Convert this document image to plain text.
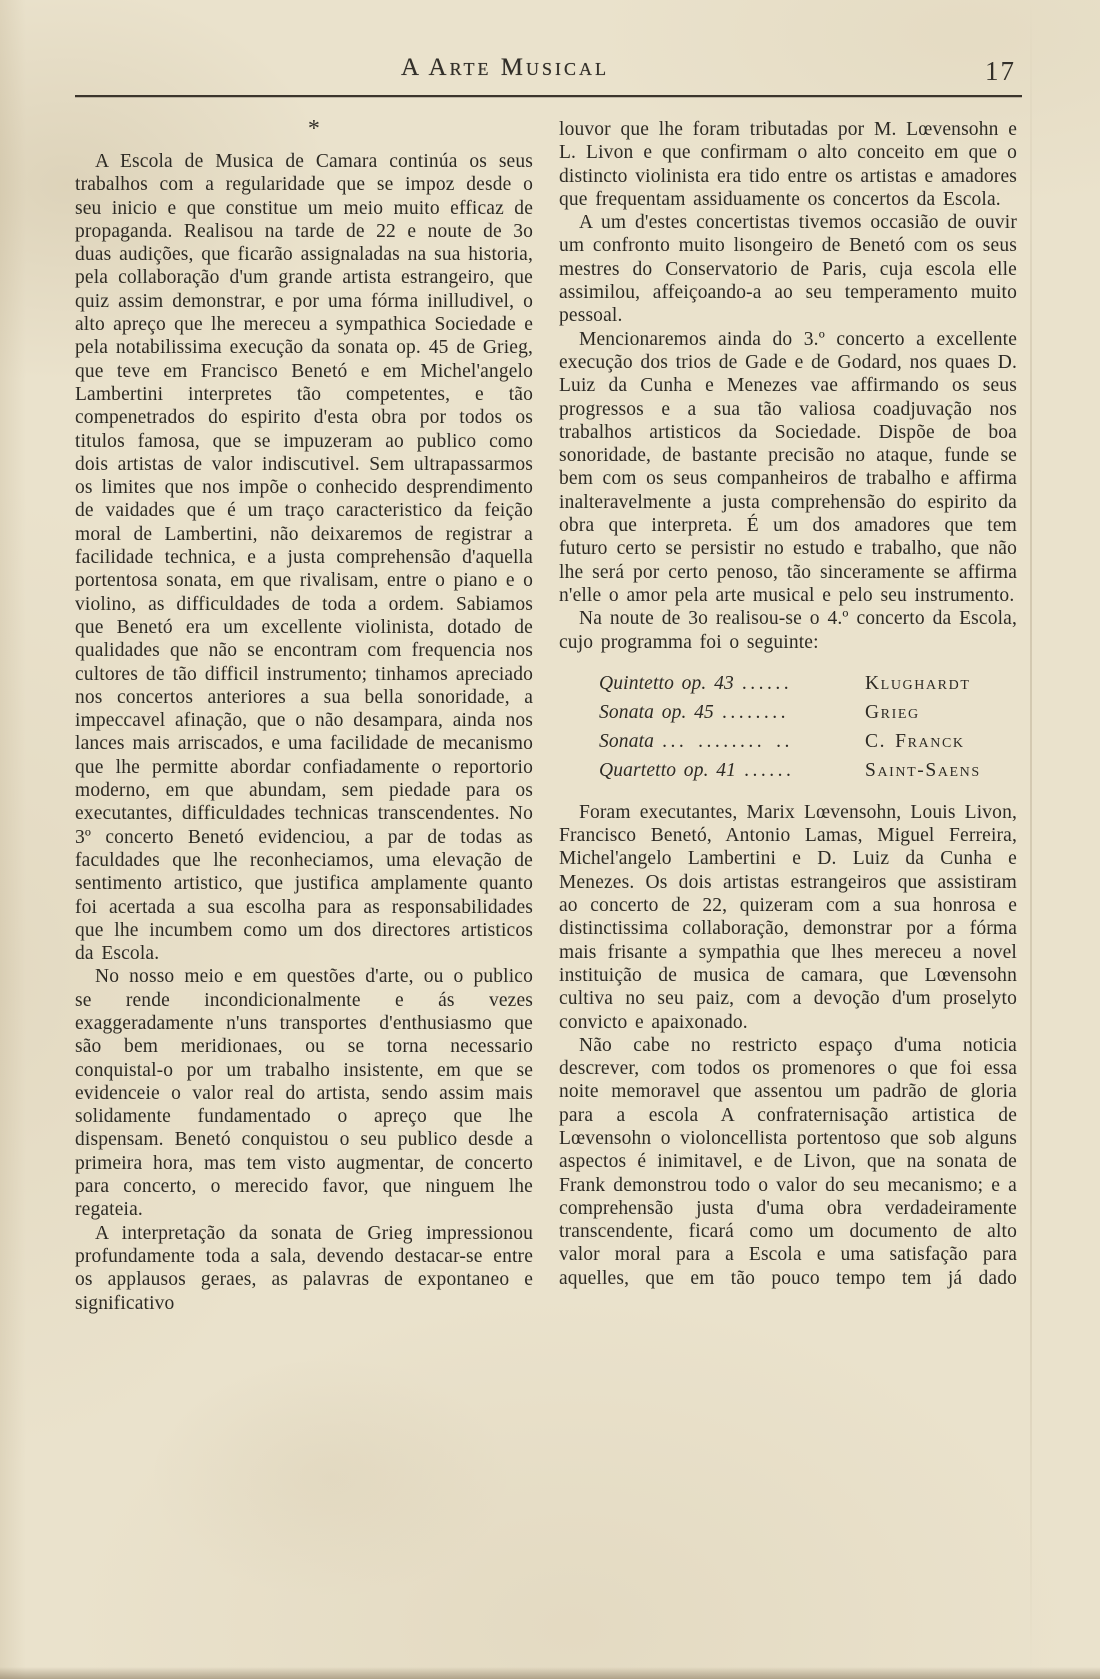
A Arte Musical	17

*

A Escola de Musica de Camara continúa os seus trabalhos com a regularidade que se impoz desde o seu inicio e que constitue um meio muito efficaz de propaganda. Realisou na tarde de 22 e noute de 3o duas audições, que ficarão assignaladas na sua historia, pela collaboração d'um grande artista estrangeiro, que quiz assim demonstrar, e por uma fórma inilludivel, o alto apreço que lhe mereceu a sympathica Sociedade e pela notabilissima execução da sonata op. 45 de Grieg, que teve em Francisco Benetó e em Michel'angelo Lambertini interpretes tão competentes, e tão compenetrados do espirito d'esta obra por todos os titulos famosa, que se impuzeram ao publico como dois artistas de valor indiscutivel. Sem ultrapassarmos os limites que nos impõe o conhecido desprendimento de vaidades que é um traço caracteristico da feição moral de Lambertini, não deixaremos de registrar a facilidade technica, e a justa comprehensão d'aquella portentosa sonata, em que rivalisam, entre o piano e o violino, as difficuldades de toda a ordem. Sabiamos que Benetó era um excellente violinista, dotado de qualidades que não se encontram com frequencia nos cultores de tão difficil instrumento; tinhamos apreciado nos concertos anteriores a sua bella sonoridade, a impeccavel afinação, que o não desampara, ainda nos lances mais arriscados, e uma facilidade de mecanismo que lhe permitte abordar confiadamente o reportorio moderno, em que abundam, sem piedade para os executantes, difficuldades technicas transcendentes. No 3º concerto Benetó evidenciou, a par de todas as faculdades que lhe reconheciamos, uma elevação de sentimento artistico, que justifica amplamente quanto foi acertada a sua escolha para as responsabilidades que lhe incumbem como um dos directores artisticos da Escola.

No nosso meio e em questões d'arte, ou o publico se rende incondicionalmente e ás vezes exaggeradamente n'uns transportes d'enthusiasmo que são bem meridionaes, ou se torna necessario conquistal-o por um trabalho insistente, em que se evidenceie o valor real do artista, sendo assim mais solidamente fundamentado o apreço que lhe dispensam. Benetó conquistou o seu publico desde a primeira hora, mas tem visto augmentar, de concerto para concerto, o merecido favor, que ninguem lhe regateia.

A interpretação da sonata de Grieg impressionou profundamente toda a sala, devendo destacar-se entre os applausos geraes, as palavras de expontaneo e significativo

louvor que lhe foram tributadas por M. Lœvensohn e L. Livon e que confirmam o alto conceito em que o distincto violinista era tido entre os artistas e amadores que frequentam assiduamente os concertos da Escola.

A um d'estes concertistas tivemos occasião de ouvir um confronto muito lisongeiro de Benetó com os seus mestres do Conservatorio de Paris, cuja escola elle assimilou, affeiçoando-a ao seu temperamento muito pessoal.

Mencionaremos ainda do 3.º concerto a excellente execução dos trios de Gade e de Godard, nos quaes D. Luiz da Cunha e Menezes vae affirmando os seus progressos e a sua tão valiosa coadjuvação nos trabalhos artisticos da Sociedade. Dispõe de boa sonoridade, de bastante precisão no ataque, funde se bem com os seus companheiros de trabalho e affirma inalteravelmente a justa comprehensão do espirito da obra que interpreta. É um dos amadores que tem futuro certo se persistir no estudo e trabalho, que não lhe será por certo penoso, tão sinceramente se affirma n'elle o amor pela arte musical e pelo seu instrumento.

Na noute de 3o realisou-se o 4.º concerto da Escola, cujo programma foi o seguinte:

Quintetto op. 43 ......	Klughardt
Sonata op. 45 ........	Grieg
Sonata ... ........ ..	C. Franck
Quartetto op. 41 ......	Saint-Saens

Foram executantes, Marix Lœvensohn, Louis Livon, Francisco Benetó, Antonio Lamas, Miguel Ferreira, Michel'angelo Lambertini e D. Luiz da Cunha e Menezes. Os dois artistas estrangeiros que assistiram ao concerto de 22, quizeram com a sua honrosa e distinctissima collaboração, demonstrar por a fórma mais frisante a sympathia que lhes mereceu a novel instituição de musica de camara, que Lœvensohn cultiva no seu paiz, com a devoção d'um proselyto convicto e apaixonado.

Não cabe no restricto espaço d'uma noticia descrever, com todos os promenores o que foi essa noite memoravel que assentou um padrão de gloria para a escola A confraternisação artistica de Lœvensohn o violoncellista portentoso que sob alguns aspectos é inimitavel, e de Livon, que na sonata de Frank demonstrou todo o valor do seu mecanismo; e a comprehensão justa d'uma obra verdadeiramente transcendente, ficará como um documento de alto valor moral para a Escola e uma satisfação para aquelles, que em tão pouco tempo tem já dado
